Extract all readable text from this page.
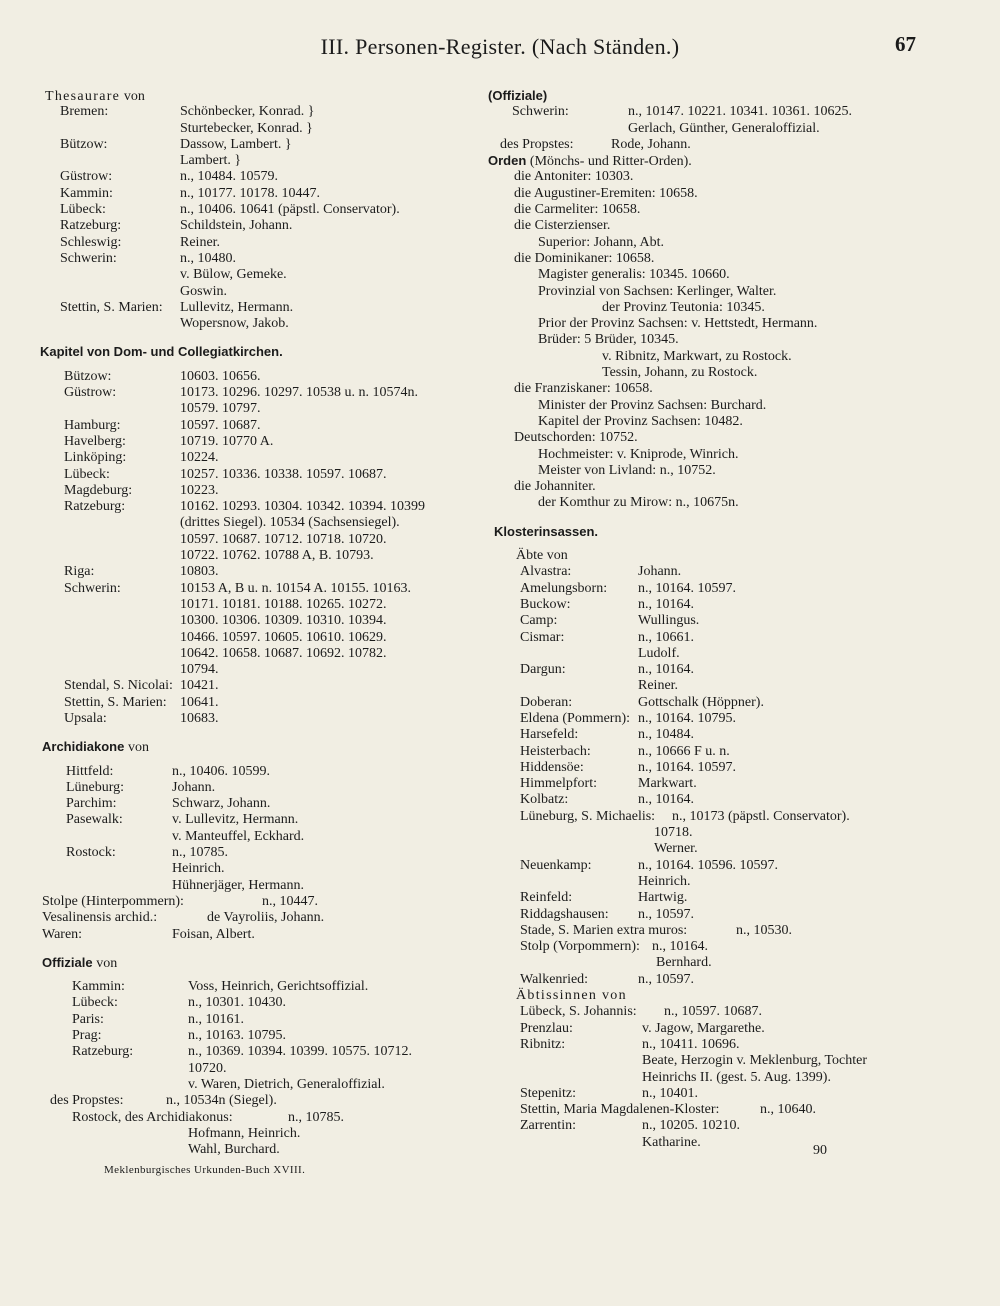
III. Personen-Register. (Nach Ständen.)	67
Thesaurare von
Bremen:	Schönbecker, Konrad. }
Sturtebecker, Konrad. }
Bützow:	Dassow, Lambert. }
Lambert. }
Güstrow:	n., 10484. 10579.
Kammin:	n., 10177. 10178. 10447.
Lübeck:	n., 10406. 10641 (päpstl. Conservator).
Ratzeburg:	Schildstein, Johann.
Schleswig:	Reiner.
Schwerin:	n., 10480.
v. Bülow, Gemeke.
Goswin.
Stettin, S. Marien: Lullevitz, Hermann.
Wopersnow, Jakob.
Kapitel von Dom- und Collegiatkirchen.
Bützow:	10603. 10656.
Güstrow:	10173. 10296. 10297. 10538 u. n. 10574n.
10579. 10797.
Hamburg:	10597. 10687.
Havelberg:	10719. 10770 A.
Linköping:	10224.
Lübeck:	10257. 10336. 10338. 10597. 10687.
Magdeburg:	10223.
Ratzeburg:	10162. 10293. 10304. 10342. 10394. 10399
(drittes Siegel). 10534 (Sachsensiegel).
10597. 10687. 10712. 10718. 10720.
10722. 10762. 10788 A, B. 10793.
Riga:	10803.
Schwerin:	10153 A, B u. n. 10154 A. 10155. 10163.
10171. 10181. 10188. 10265. 10272.
10300. 10306. 10309. 10310. 10394.
10466. 10597. 10605. 10610. 10629.
10642. 10658. 10687. 10692. 10782.
10794.
Stendal, S. Nicolai: 10421.
Stettin, S. Marien: 10641.
Upsala:	10683.
Archidiakone von
Hittfeld:	n., 10406. 10599.
Lüneburg:	Johann.
Parchim:	Schwarz, Johann.
Pasewalk:	v. Lullevitz, Hermann.
v. Manteuffel, Eckhard.
Rostock:	n., 10785.
Heinrich.
Hühnerjäger, Hermann.
Stolpe (Hinterpommern):	n., 10447.
Vesalinensis archid.:	de Vayroliis, Johann.
Waren:	Foisan, Albert.
Offiziale von
Kammin:	Voss, Heinrich, Gerichtsoffizial.
Lübeck:	n., 10301. 10430.
Paris:	n., 10161.
Prag:	n., 10163. 10795.
Ratzeburg:	n., 10369. 10394. 10399. 10575. 10712.
10720.
v. Waren, Dietrich, Generaloffizial.
des Propstes:	n., 10534n (Siegel).
Rostock, des Archidiakonus:	n., 10785.
Hofmann, Heinrich.
Wahl, Burchard.
(Offiziale)
Schwerin:	n., 10147. 10221. 10341. 10361. 10625.
Gerlach, Günther, Generaloffizial.
des Propstes:	Rode, Johann.
Orden (Mönchs- und Ritter-Orden).
die Antoniter: 10303.
die Augustiner-Eremiten: 10658.
die Carmeliter: 10658.
die Cisterzienser.
Superior: Johann, Abt.
die Dominikaner: 10658.
Magister generalis: 10345. 10660.
Provinzial von Sachsen: Kerlinger, Walter.
der Provinz Teutonia: 10345.
Prior der Provinz Sachsen: v. Hettstedt, Hermann.
Brüder: 5 Brüder, 10345.
v. Ribnitz, Markwart, zu Rostock.
Tessin, Johann, zu Rostock.
die Franziskaner: 10658.
Minister der Provinz Sachsen: Burchard.
Kapitel der Provinz Sachsen: 10482.
Deutschorden: 10752.
Hochmeister: v. Kniprode, Winrich.
Meister von Livland: n., 10752.
die Johanniter.
der Komthur zu Mirow: n., 10675n.
Klosterinsassen.
Äbte von
Alvastra:	Johann.
Amelungsborn: n., 10164. 10597.
Buckow:	n., 10164.
Camp:	Wullingus.
Cismar:	n., 10661.
Ludolf.
Dargun:	n., 10164.
Reiner.
Doberan:	Gottschalk (Höppner).
Eldena (Pommern): n., 10164. 10795.
Harsefeld:	n., 10484.
Heisterbach:	n., 10666 F u. n.
Hiddensöe:	n., 10164. 10597.
Himmelpfort:	Markwart.
Kolbatz:	n., 10164.
Lüneburg, S. Michaelis: n., 10173 (päpstl. Conservator).
10718.
Werner.
Neuenkamp:	n., 10164. 10596. 10597.
Heinrich.
Reinfeld:	Hartwig.
Riddagshausen: n., 10597.
Stade, S. Marien extra muros:	n., 10530.
Stolp (Vorpommern): n., 10164.
Bernhard.
Walkenried:	n., 10597.
Äbtissinnen von
Lübeck, S. Johannis: n., 10597. 10687.
Prenzlau:	v. Jagow, Margarethe.
Ribnitz:	n., 10411. 10696.
Beate, Herzogin v. Meklenburg, Tochter
Heinrichs II. (gest. 5. Aug. 1399).
Stepenitz:	n., 10401.
Stettin, Maria Magdalenen-Kloster:	n., 10640.
Zarrentin:	n., 10205. 10210.
Katharine.
Meklenburgisches Urkunden-Buch XVIII.
90
